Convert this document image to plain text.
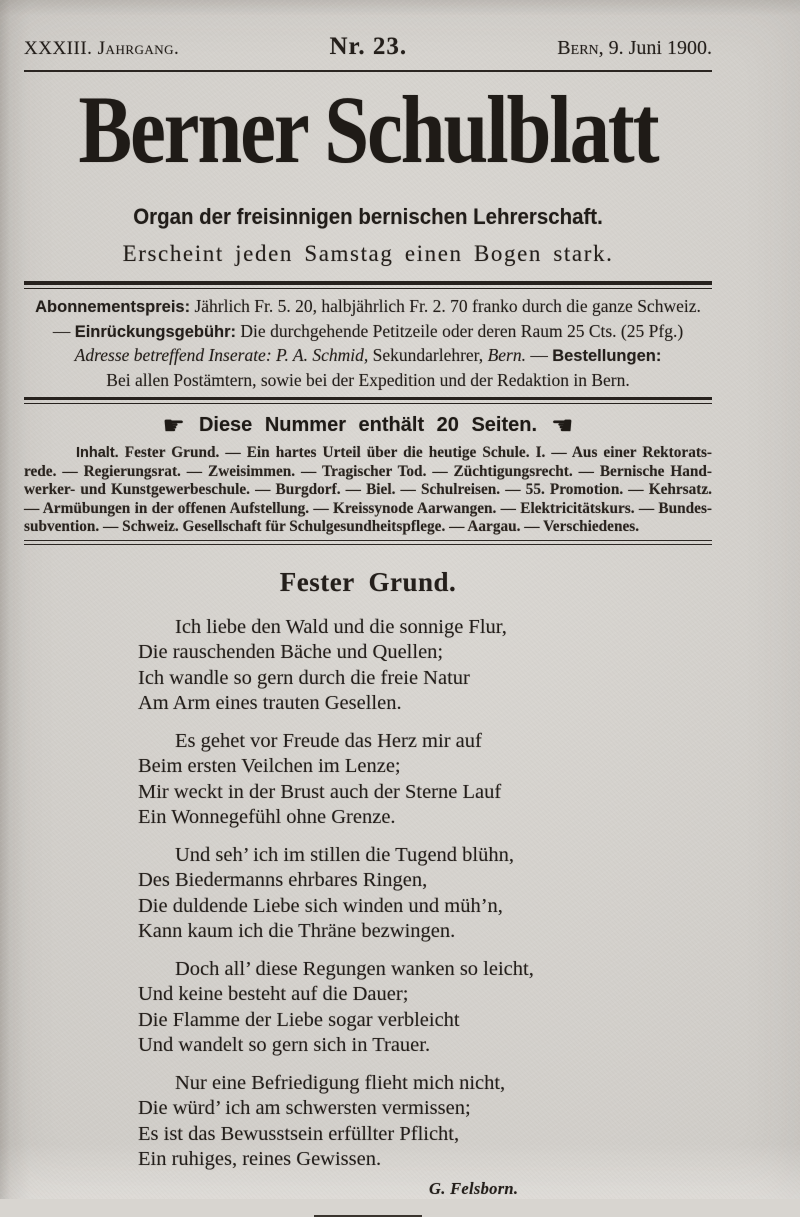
XXXIII. Jahrgang.	Nr. 23.	Bern, 9. Juni 1900.
Berner Schulblatt
Organ der freisinnigen bernischen Lehrerschaft.
Erscheint jeden Samstag einen Bogen stark.
Abonnementspreis: Jährlich Fr. 5. 20, halbjährlich Fr. 2. 70 franko durch die ganze Schweiz.
— Einrückungsgebühr: Die durchgehende Petitzeile oder deren Raum 25 Cts. (25 Pfg.)
Adresse betreffend Inserate: P. A. Schmid, Sekundarlehrer, Bern. — Bestellungen:
Bei allen Postämtern, sowie bei der Expedition und der Redaktion in Bern.
☛ Diese Nummer enthält 20 Seiten. ☚
Inhalt. Fester Grund. — Ein hartes Urteil über die heutige Schule. I. — Aus einer Rektorats-
rede. — Regierungsrat. — Zweisimmen. — Tragischer Tod. — Züchtigungsrecht. — Bernische Hand-
werker- und Kunstgewerbeschule. — Burgdorf. — Biel. — Schulreisen. — 55. Promotion. — Kehrsatz.
— Armübungen in der offenen Aufstellung. — Kreissynode Aarwangen. — Elektricitätskurs. — Bundes-
subvention. — Schweiz. Gesellschaft für Schulgesundheitspflege. — Aargau. — Verschiedenes.
Fester Grund.
Ich liebe den Wald und die sonnige Flur,
Die rauschenden Bäche und Quellen;
Ich wandle so gern durch die freie Natur
Am Arm eines trauten Gesellen.
Es gehet vor Freude das Herz mir auf
Beim ersten Veilchen im Lenze;
Mir weckt in der Brust auch der Sterne Lauf
Ein Wonnegefühl ohne Grenze.
Und seh’ ich im stillen die Tugend blühn,
Des Biedermanns ehrbares Ringen,
Die duldende Liebe sich winden und müh’n,
Kann kaum ich die Thräne bezwingen.
Doch all’ diese Regungen wanken so leicht,
Und keine besteht auf die Dauer;
Die Flamme der Liebe sogar verbleicht
Und wandelt so gern sich in Trauer.
Nur eine Befriedigung flieht mich nicht,
Die würd’ ich am schwersten vermissen;
Es ist das Bewusstsein erfüllter Pflicht,
Ein ruhiges, reines Gewissen.
G. Felsborn.
